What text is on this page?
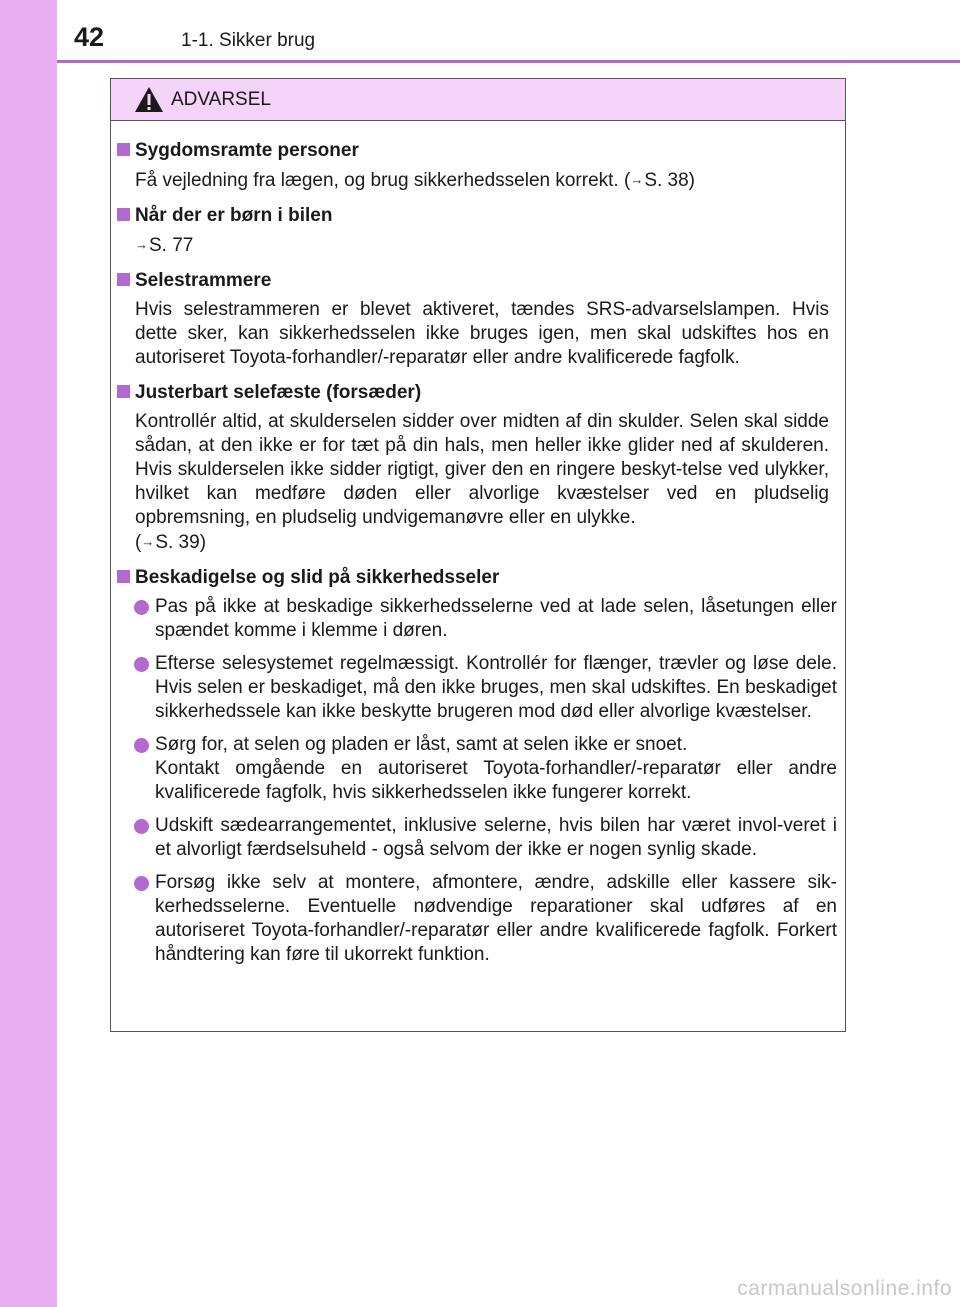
42	1-1. Sikker brug
ADVARSEL
Sygdomsramte personer
Få vejledning fra lægen, og brug sikkerhedsselen korrekt. (→S. 38)
Når der er børn i bilen
→S. 77
Selestrammere
Hvis selestrammeren er blevet aktiveret, tændes SRS-advarselslampen. Hvis dette sker, kan sikkerhedsselen ikke bruges igen, men skal udskiftes hos en autoriseret Toyota-forhandler/-reparatør eller andre kvalificerede fagfolk.
Justerbart selefæste (forsæder)
Kontrollér altid, at skulderselen sidder over midten af din skulder. Selen skal sidde sådan, at den ikke er for tæt på din hals, men heller ikke glider ned af skulderen. Hvis skulderselen ikke sidder rigtigt, giver den en ringere beskyt-telse ved ulykker, hvilket kan medføre døden eller alvorlige kvæstelser ved en pludselig opbremsning, en pludselig undvigemanøvre eller en ulykke.
(→S. 39)
Beskadigelse og slid på sikkerhedsseler
Pas på ikke at beskadige sikkerhedsselerne ved at lade selen, låsetungen eller spændet komme i klemme i døren.
Efterse selesystemet regelmæssigt. Kontrollér for flænger, trævler og løse dele. Hvis selen er beskadiget, må den ikke bruges, men skal udskiftes. En beskadiget sikkerhedssele kan ikke beskytte brugeren mod død eller alvorlige kvæstelser.
Sørg for, at selen og pladen er låst, samt at selen ikke er snoet.
Kontakt omgående en autoriseret Toyota-forhandler/-reparatør eller andre kvalificerede fagfolk, hvis sikkerhedsselen ikke fungerer korrekt.
Udskift sædearrangementet, inklusive selerne, hvis bilen har været invol-veret i et alvorligt færdselsuheld - også selvom der ikke er nogen synlig skade.
Forsøg ikke selv at montere, afmontere, ændre, adskille eller kassere sik-kerhedsselerne. Eventuelle nødvendige reparationer skal udføres af en autoriseret Toyota-forhandler/-reparatør eller andre kvalificerede fagfolk. Forkert håndtering kan føre til ukorrekt funktion.
carmanualsonline.info
